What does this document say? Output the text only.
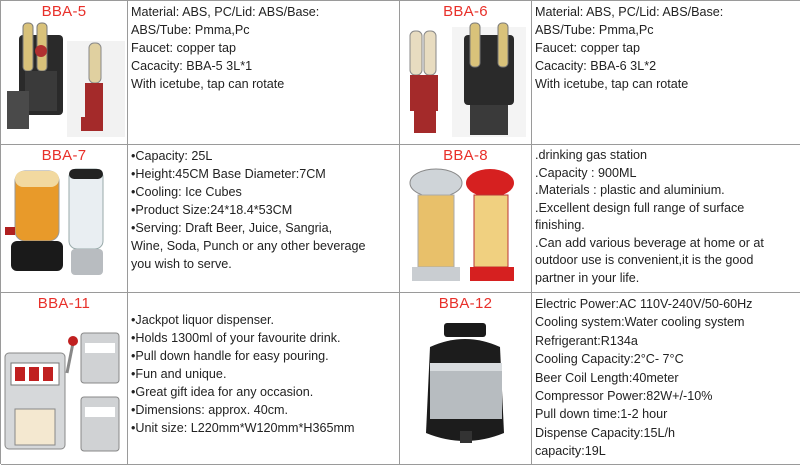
BBA-5	Material: ABS, PC/Lid: ABS/Base:
ABS/Tube: Pmma,Pc
Faucet: copper tap
Cacacity: BBA-5 3L*1
With icetube, tap can rotate
BBA-6	Material: ABS, PC/Lid: ABS/Base:
ABS/Tube: Pmma,Pc
Faucet: copper tap
Cacacity: BBA-6 3L*2
With icetube, tap can rotate
BBA-7	•Capacity: 25L
•Height:45CM Base Diameter:7CM
•Cooling: Ice Cubes
•Product Size:24*18.4*53CM
•Serving: Draft Beer, Juice, Sangria,
Wine, Soda, Punch or any other beverage
you wish to serve.
BBA-8	.drinking gas station
.Capacity : 900ML
.Materials : plastic and aluminium.
.Excellent design full range of surface
finishing.
.Can add various beverage at home or at
outdoor use is convenient,it is the good
partner in your life.
BBA-11
•Jackpot liquor dispenser.
•Holds 1300ml of your favourite drink.
•Pull down handle for easy pouring.
•Fun and unique.
•Great gift idea for any occasion.
•Dimensions: approx. 40cm.
•Unit size: L220mm*W120mm*H365mm
BBA-12	Electric Power:AC 110V-240V/50-60Hz
Cooling system:Water cooling system
Refrigerant:R134a
Cooling Capacity:2°C- 7°C
Beer Coil Length:40meter
Compressor Power:82W+/-10%
Pull down time:1-2 hour
Dispense Capacity:15L/h
capacity:19L
